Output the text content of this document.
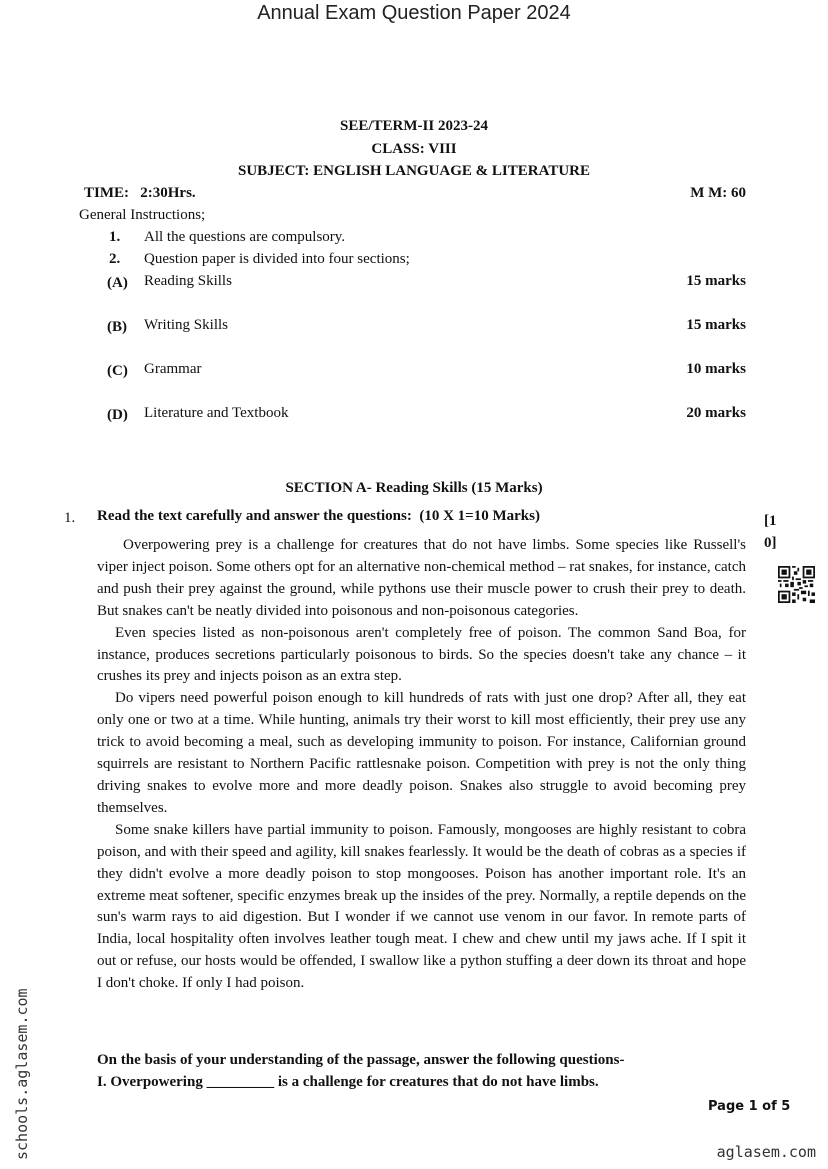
Annual Exam Question Paper 2024
SEE/TERM-II 2023-24
CLASS: VIII
SUBJECT: ENGLISH LANGUAGE & LITERATURE
TIME:   2:30Hrs.	M M: 60
General Instructions;
1. All the questions are compulsory.
2. Question paper is divided into four sections;
(A) Reading Skills	15 marks
(B) Writing Skills	15 marks
(C) Grammar	10 marks
(D) Literature and Textbook	20 marks
SECTION A- Reading Skills (15 Marks)
1. Read the text carefully and answer the questions:  (10 X 1=10 Marks)	[10]

Overpowering prey is a challenge for creatures that do not have limbs. Some species like Russell's viper inject poison. Some others opt for an alternative non-chemical method – rat snakes, for instance, catch and push their prey against the ground, while pythons use their muscle power to crush their prey to death. But snakes can't be neatly divided into poisonous and non-poisonous categories.

Even species listed as non-poisonous aren't completely free of poison. The common Sand Boa, for instance, produces secretions particularly poisonous to birds. So the species doesn't take any chance – it crushes its prey and injects poison as an extra step.

Do vipers need powerful poison enough to kill hundreds of rats with just one drop? After all, they eat only one or two at a time. While hunting, animals try their worst to kill most efficiently, their prey use any trick to avoid becoming a meal, such as developing immunity to poison. For instance, Californian ground squirrels are resistant to Northern Pacific rattlesnake poison. Competition with prey is not the only thing driving snakes to evolve more and more deadly poison. Snakes also struggle to avoid becoming prey themselves.

Some snake killers have partial immunity to poison. Famously, mongooses are highly resistant to cobra poison, and with their speed and agility, kill snakes fearlessly. It would be the death of cobras as a species if they didn't evolve a more deadly poison to stop mongooses. Poison has another important role. It's an extreme meat softener, specific enzymes break up the insides of the prey. Normally, a reptile depends on the sun's warm rays to aid digestion. But I wonder if we cannot use venom in our favor. In remote parts of India, local hospitality often involves leather tough meat. I chew and chew until my jaws ache. If I spit it out or refuse, our hosts would be offended, I swallow like a python stuffing a deer down its throat and hope I don't choke. If only I had poison.

On the basis of your understanding of the passage, answer the following questions-
I. Overpowering _________ is a challenge for creatures that do not have limbs.
Page 1 of 5
aglasem.com
schools.aglasem.com
